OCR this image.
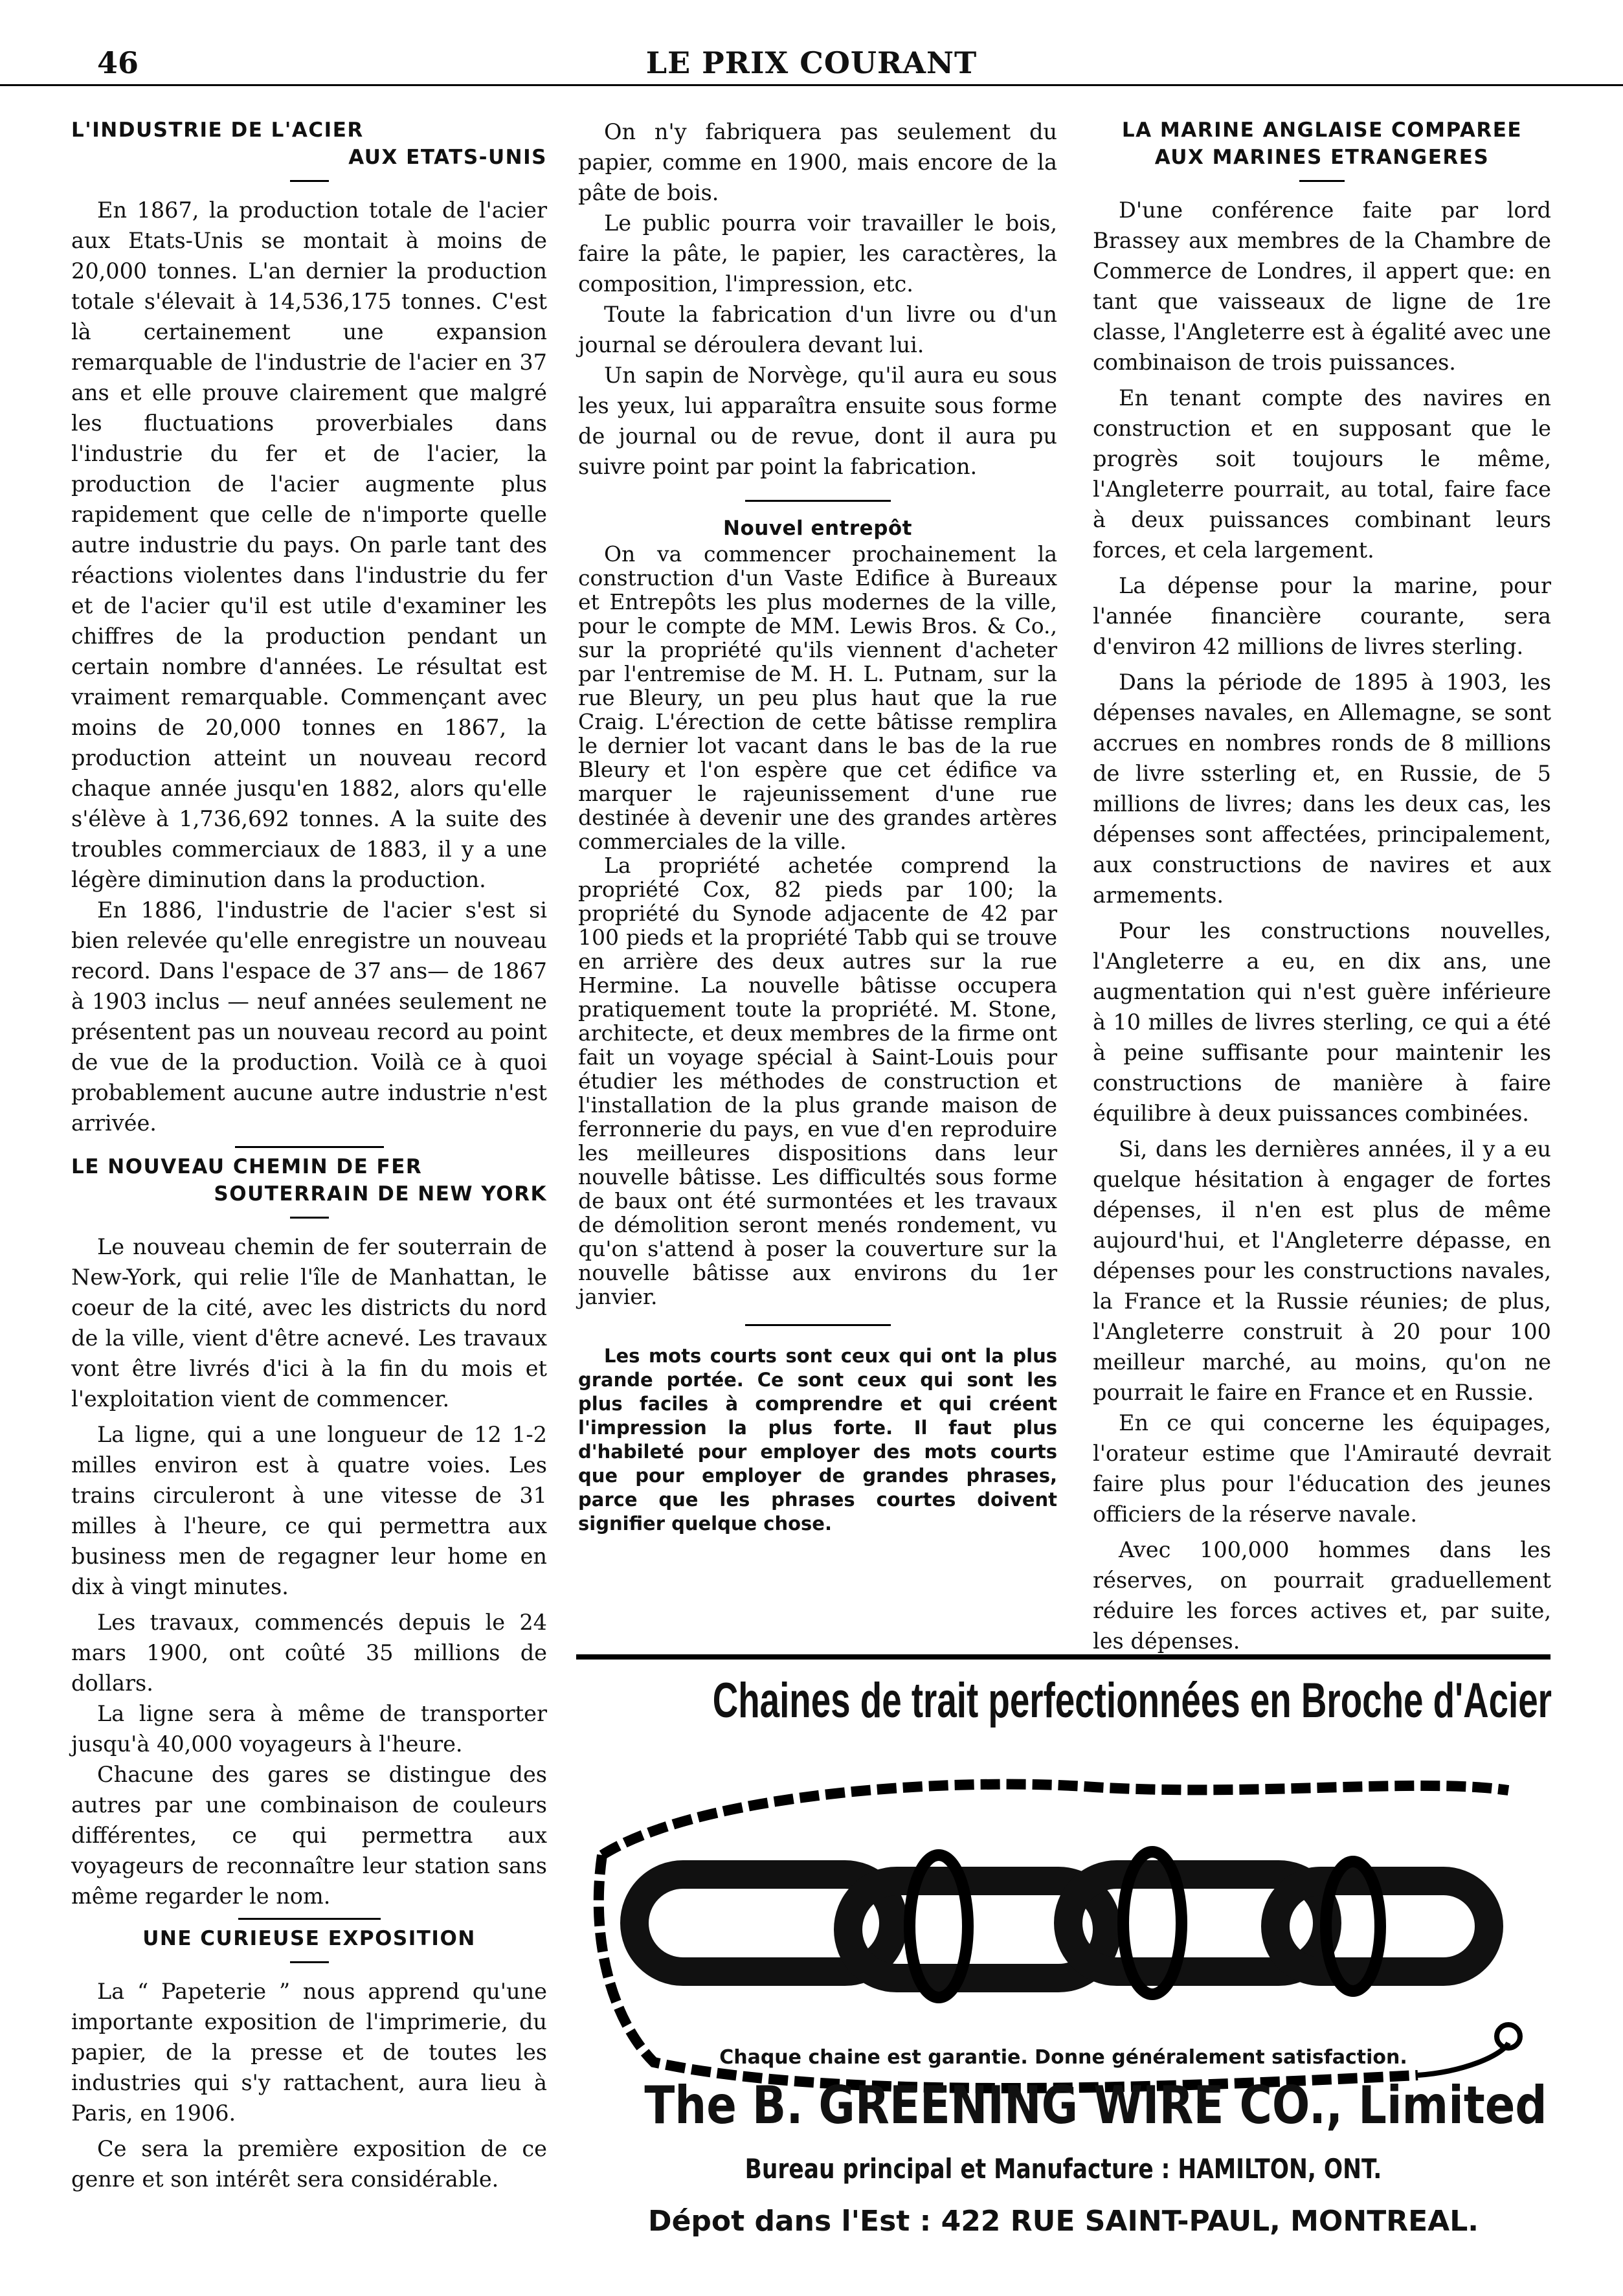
46	LE PRIX COURANT
L'INDUSTRIE DE L'ACIER
AUX ETATS-UNIS

En 1867, la production totale de l'acier aux Etats-Unis se montait à moins de 20,000 tonnes. L'an dernier la production totale s'élevait à 14,536,175 tonnes. C'est là certainement une expansion remarquable de l'industrie de l'acier en 37 ans et elle prouve clairement que malgré les fluctuations proverbiales dans l'industrie du fer et de l'acier, la production de l'acier augmente plus rapidement que celle de n'importe quelle autre industrie du pays. On parle tant des réactions violentes dans l'industrie du fer et de l'acier qu'il est utile d'examiner les chiffres de la production pendant un certain nombre d'années. Le résultat est vraiment remarquable. Commençant avec moins de 20,000 tonnes en 1867, la production atteint un nouveau record chaque année jusqu'en 1882, alors qu'elle s'élève à 1,736,692 tonnes. A la suite des troubles commerciaux de 1883, il y a une légère diminution dans la production.

En 1886, l'industrie de l'acier s'est si bien relevée qu'elle enregistre un nouveau record. Dans l'espace de 37 ans— de 1867 à 1903 inclus — neuf années seulement ne présentent pas un nouveau record au point de vue de la production. Voilà ce à quoi probablement aucune autre industrie n'est arrivée.

LE NOUVEAU CHEMIN DE FER
SOUTERRAIN DE NEW YORK

Le nouveau chemin de fer souterrain de New-York, qui relie l'île de Manhattan, le coeur de la cité, avec les districts du nord de la ville, vient d'être acnevé. Les travaux vont être livrés d'ici à la fin du mois et l'exploitation vient de commencer.

La ligne, qui a une longueur de 12 1-2 milles environ est à quatre voies. Les trains circuleront à une vitesse de 31 milles à l'heure, ce qui permettra aux business men de regagner leur home en dix à vingt minutes.

Les travaux, commencés depuis le 24 mars 1900, ont coûté 35 millions de dollars.

La ligne sera à même de transporter jusqu'à 40,000 voyageurs à l'heure.

Chacune des gares se distingue des autres par une combinaison de couleurs différentes, ce qui permettra aux voyageurs de reconnaître leur station sans même regarder le nom.

UNE CURIEUSE EXPOSITION

La “ Papeterie ” nous apprend qu'une importante exposition de l'imprimerie, du papier, de la presse et de toutes les industries qui s'y rattachent, aura lieu à Paris, en 1906.

Ce sera la première exposition de ce genre et son intérêt sera considérable.

On n'y fabriquera pas seulement du papier, comme en 1900, mais encore de la pâte de bois.

Le public pourra voir travailler le bois, faire la pâte, le papier, les caractères, la composition, l'impression, etc.

Toute la fabrication d'un livre ou d'un journal se déroulera devant lui.

Un sapin de Norvège, qu'il aura eu sous les yeux, lui apparaîtra ensuite sous forme de journal ou de revue, dont il aura pu suivre point par point la fabrication.

Nouvel entrepôt

On va commencer prochainement la construction d'un Vaste Edifice à Bureaux et Entrepôts les plus modernes de la ville, pour le compte de MM. Lewis Bros. & Co., sur la propriété qu'ils viennent d'acheter par l'entremise de M. H. L. Putnam, sur la rue Bleury, un peu plus haut que la rue Craig. L'érection de cette bâtisse remplira le dernier lot vacant dans le bas de la rue Bleury et l'on espère que cet édifice va marquer le rajeunissement d'une rue destinée à devenir une des grandes artères commerciales de la ville.

La propriété achetée comprend la propriété Cox, 82 pieds par 100; la propriété du Synode adjacente de 42 par 100 pieds et la propriété Tabb qui se trouve en arrière des deux autres sur la rue Hermine. La nouvelle bâtisse occupera pratiquement toute la propriété. M. Stone, architecte, et deux membres de la firme ont fait un voyage spécial à Saint-Louis pour étudier les méthodes de construction et l'installation de la plus grande maison de ferronnerie du pays, en vue d'en reproduire les meilleures dispositions dans leur nouvelle bâtisse. Les difficultés sous forme de baux ont été surmontées et les travaux de démolition seront menés rondement, vu qu'on s'attend à poser la couverture sur la nouvelle bâtisse aux environs du 1er janvier.

Les mots courts sont ceux qui ont la plus grande portée. Ce sont ceux qui sont les plus faciles à comprendre et qui créent l'impression la plus forte. Il faut plus d'habileté pour employer des mots courts que pour employer de grandes phrases, parce que les phrases courtes doivent signifier quelque chose.

LA MARINE ANGLAISE COMPAREE
AUX MARINES ETRANGERES

D'une conférence faite par lord Brassey aux membres de la Chambre de Commerce de Londres, il appert que: en tant que vaisseaux de ligne de 1re classe, l'Angleterre est à égalité avec une combinaison de trois puissances.

En tenant compte des navires en construction et en supposant que le progrès soit toujours le même, l'Angleterre pourrait, au total, faire face à deux puissances combinant leurs forces, et cela largement.

La dépense pour la marine, pour l'année financière courante, sera d'environ 42 millions de livres sterling.

Dans la période de 1895 à 1903, les dépenses navales, en Allemagne, se sont accrues en nombres ronds de 8 millions de livre ssterling et, en Russie, de 5 millions de livres; dans les deux cas, les dépenses sont affectées, principalement, aux constructions de navires et aux armements.

Pour les constructions nouvelles, l'Angleterre a eu, en dix ans, une augmentation qui n'est guère inférieure à 10 milles de livres sterling, ce qui a été à peine suffisante pour maintenir les constructions de manière à faire équilibre à deux puissances combinées.

Si, dans les dernières années, il y a eu quelque hésitation à engager de fortes dépenses, il n'en est plus de même aujourd'hui, et l'Angleterre dépasse, en dépenses pour les constructions navales, la France et la Russie réunies; de plus, l'Angleterre construit à 20 pour 100 meilleur marché, au moins, qu'on ne pourrait le faire en France et en Russie.

En ce qui concerne les équipages, l'orateur estime que l'Amirauté devrait faire plus pour l'éducation des jeunes officiers de la réserve navale.

Avec 100,000 hommes dans les réserves, on pourrait graduellement réduire les forces actives et, par suite, les dépenses.

Chaines de trait perfectionnées en Broche d'Acier
Chaque chaine est garantie. Donne généralement satisfaction.
The B. GREENING WIRE CO., Limited
Bureau principal et Manufacture : HAMILTON, ONT.
Dépot dans l'Est : 422 RUE SAINT-PAUL, MONTREAL.
